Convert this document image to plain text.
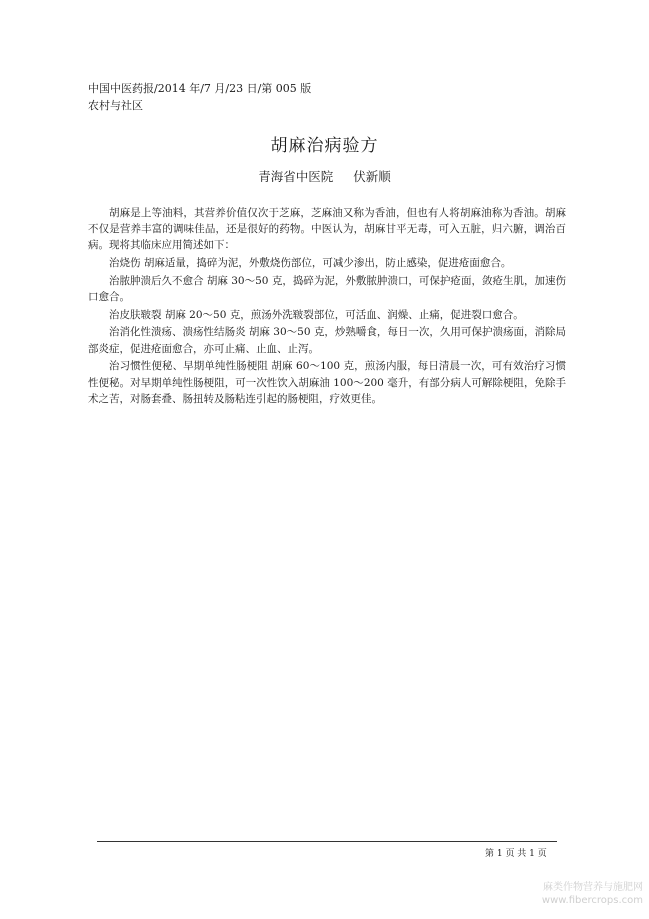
中国中医药报/2014 年/7 月/23 日/第 005 版
农村与社区
胡麻治病验方
青海省中医院 伏新顺

胡麻是上等油料，其营养价值仅次于芝麻，芝麻油又称为香油，但也有人将胡麻油称为香油。胡麻不仅是营养丰富的调味佳品，还是很好的药物。中医认为，胡麻甘平无毒，可入五脏，归六腑，调治百病。现将其临床应用简述如下：

治烧伤 胡麻适量，捣碎为泥，外敷烧伤部位，可减少渗出，防止感染，促进疮面愈合。

治脓肿溃后久不愈合 胡麻 30～50 克，捣碎为泥，外敷脓肿溃口，可保护疮面，敛疮生肌，加速伤口愈合。

治皮肤皲裂 胡麻 20～50 克，煎汤外洗皲裂部位，可活血、润燥、止痛，促进裂口愈合。

治消化性溃疡、溃疡性结肠炎 胡麻 30～50 克，炒熟嚼食，每日一次，久用可保护溃疡面，消除局部炎症，促进疮面愈合，亦可止痛、止血、止泻。

治习惯性便秘、早期单纯性肠梗阻 胡麻 60～100 克，煎汤内服，每日清晨一次，可有效治疗习惯性便秘。对早期单纯性肠梗阻，可一次性饮入胡麻油 100～200 毫升，有部分病人可解除梗阻，免除手术之苦，对肠套叠、肠扭转及肠粘连引起的肠梗阻，疗效更佳。

第 1 页 共 1 页
麻类作物营养与施肥网
www.fibercrops.com
